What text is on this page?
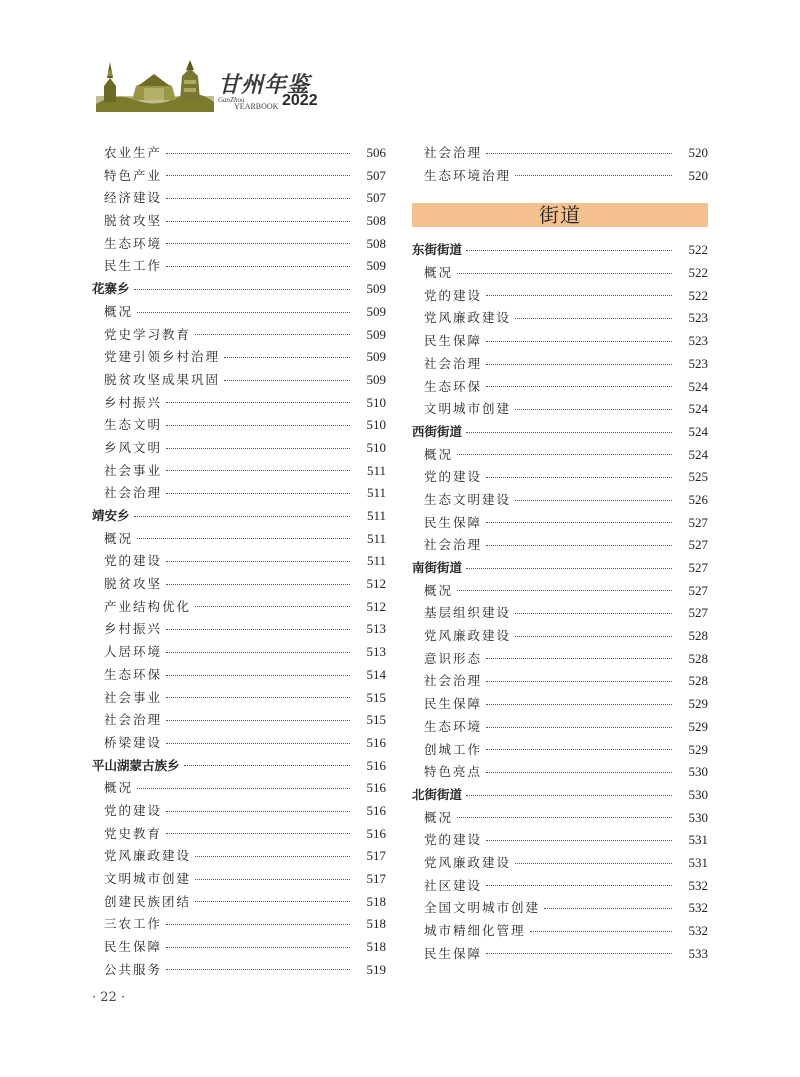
甘州年鉴
GanZhou
YEARBOOK 2022
农业生产	506
特色产业	507
经济建设	507
脱贫攻坚	508
生态环境	508
民生工作	509
花寨乡	509
概况	509
党史学习教育	509
党建引领乡村治理	509
脱贫攻坚成果巩固	509
乡村振兴	510
生态文明	510
乡风文明	510
社会事业	511
社会治理	511
靖安乡	511
概况	511
党的建设	511
脱贫攻坚	512
产业结构优化	512
乡村振兴	513
人居环境	513
生态环保	514
社会事业	515
社会治理	515
桥梁建设	516
平山湖蒙古族乡	516
概况	516
党的建设	516
党史教育	516
党风廉政建设	517
文明城市创建	517
创建民族团结	518
三农工作	518
民生保障	518
公共服务	519
社会治理	520
生态环境治理	520
街道
东街街道	522
概况	522
党的建设	522
党风廉政建设	523
民生保障	523
社会治理	523
生态环保	524
文明城市创建	524
西街街道	524
概况	524
党的建设	525
生态文明建设	526
民生保障	527
社会治理	527
南街街道	527
概况	527
基层组织建设	527
党风廉政建设	528
意识形态	528
社会治理	528
民生保障	529
生态环境	529
创城工作	529
特色亮点	530
北街街道	530
概况	530
党的建设	531
党风廉政建设	531
社区建设	532
全国文明城市创建	532
城市精细化管理	532
民生保障	533
· 22 ·
